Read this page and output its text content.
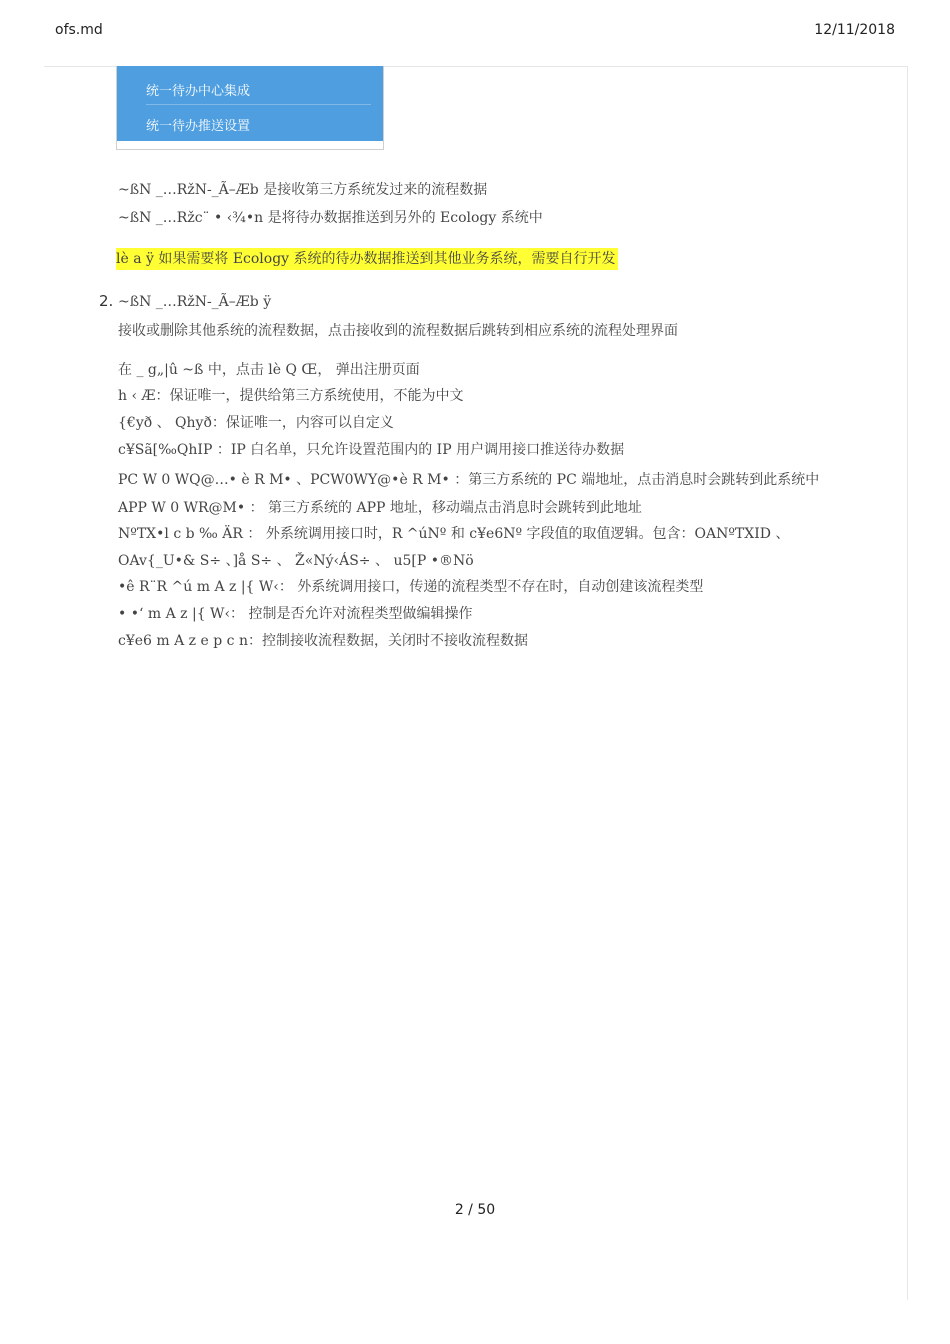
ofs.md	12/11/2018
统一待办中心集成
统一待办推送设置
~ßN _…RžN-_Ã–Æb 是接收第三方系统发过来的流程数据
~ßN _…Ržc¨ • ‹¾•n 是将待办数据推送到另外的 Ecology 系统中
lè a ÿ 如果需要将 Ecology 系统的待办数据推送到其他业务系统，需要自行开发
2. ~ßN _…RžN-_Ã–Æb ÿ
接收或删除其他系统的流程数据，点击接收到的流程数据后跳转到相应系统的流程处理界面
在 _ g„|û ~ß 中，点击 lè Q Œ， 弹出注册页面
h ‹ Æ：保证唯一，提供给第三方系统使用，不能为中文
{€yð 、 Qhyð：保证唯一，内容可以自定义
c¥Sã[‰QhIP ：IP 白名单，只允许设置范围内的 IP 用户调用接口推送待办数据
PC W 0 WQ@…• è R M• 、PCW0WY@•è R M• ：第三方系统的 PC 端地址，点击消息时会跳转到此系统中
APP W 0 WR@M• ： 第三方系统的 APP 地址，移动端点击消息时会跳转到此地址
NºTX•l c b ‰ ÄR ： 外系统调用接口时，R ^úNº 和 c¥e6Nº 字段值的取值逻辑。包含：OANºTXID 、
OAv{_U•& S÷ 、]å S÷ 、 Ž«Ný‹ÁS÷ 、 u5[P •®Nö
•ê R¨R ^ú m A z |{ W‹： 外系统调用接口，传递的流程类型不存在时，自动创建该流程类型
• •‘ m A z |{ W‹： 控制是否允许对流程类型做编辑操作
c¥e6 m A z e p c n：控制接收流程数据，关闭时不接收流程数据
2 / 50
